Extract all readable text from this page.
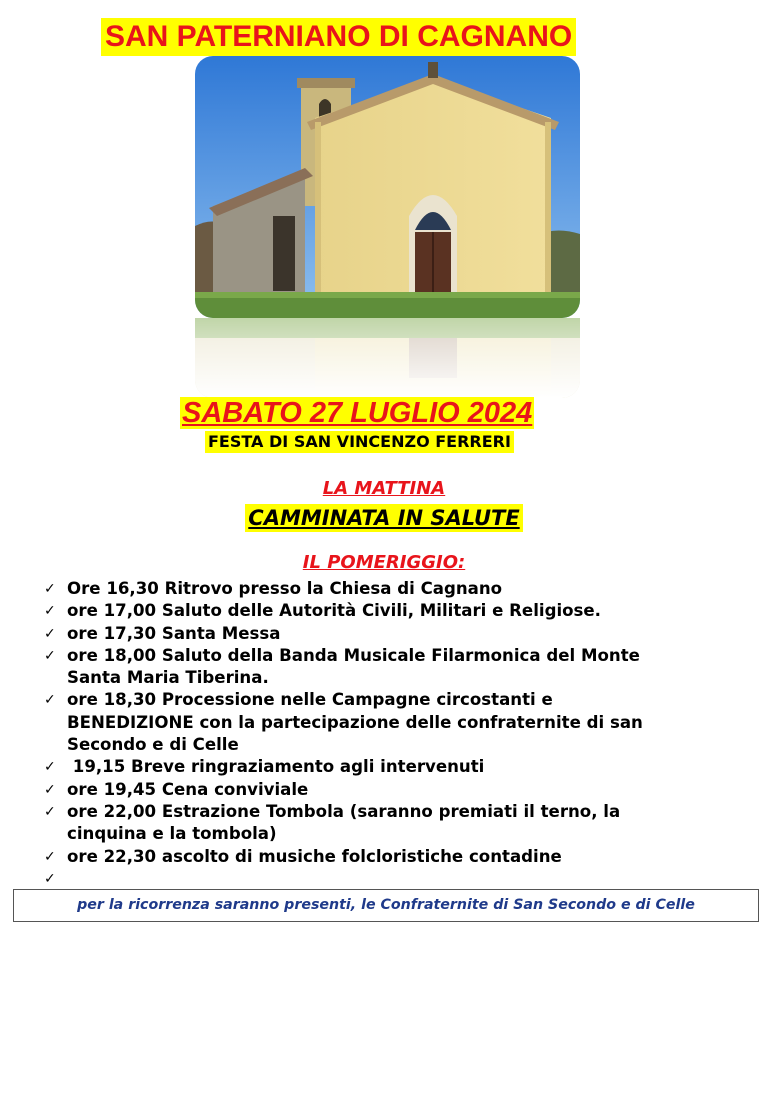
SAN PATERNIANO DI CAGNANO
SABATO 27 LUGLIO 2024
FESTA DI SAN VINCENZO FERRERI
LA MATTINA
CAMMINATA IN SALUTE
IL POMERIGGIO:
✓ Ore 16,30 Ritrovo presso la Chiesa di Cagnano
✓ ore 17,00 Saluto delle Autorità Civili, Militari e Religiose.
✓ ore 17,30 Santa Messa
✓ ore 18,00 Saluto della Banda Musicale Filarmonica del Monte
Santa Maria Tiberina.
✓ ore 18,30 Processione nelle Campagne circostanti e
BENEDIZIONE con la partecipazione delle confraternite di san
Secondo e di Celle
✓ 19,15 Breve ringraziamento agli intervenuti
✓ ore 19,45 Cena conviviale
✓ ore 22,00 Estrazione Tombola (saranno premiati il terno, la
cinquina e la tombola)
✓ ore 22,30 ascolto di musiche folcloristiche contadine
✓
per la ricorrenza saranno presenti, le Confraternite di San Secondo e di Celle
